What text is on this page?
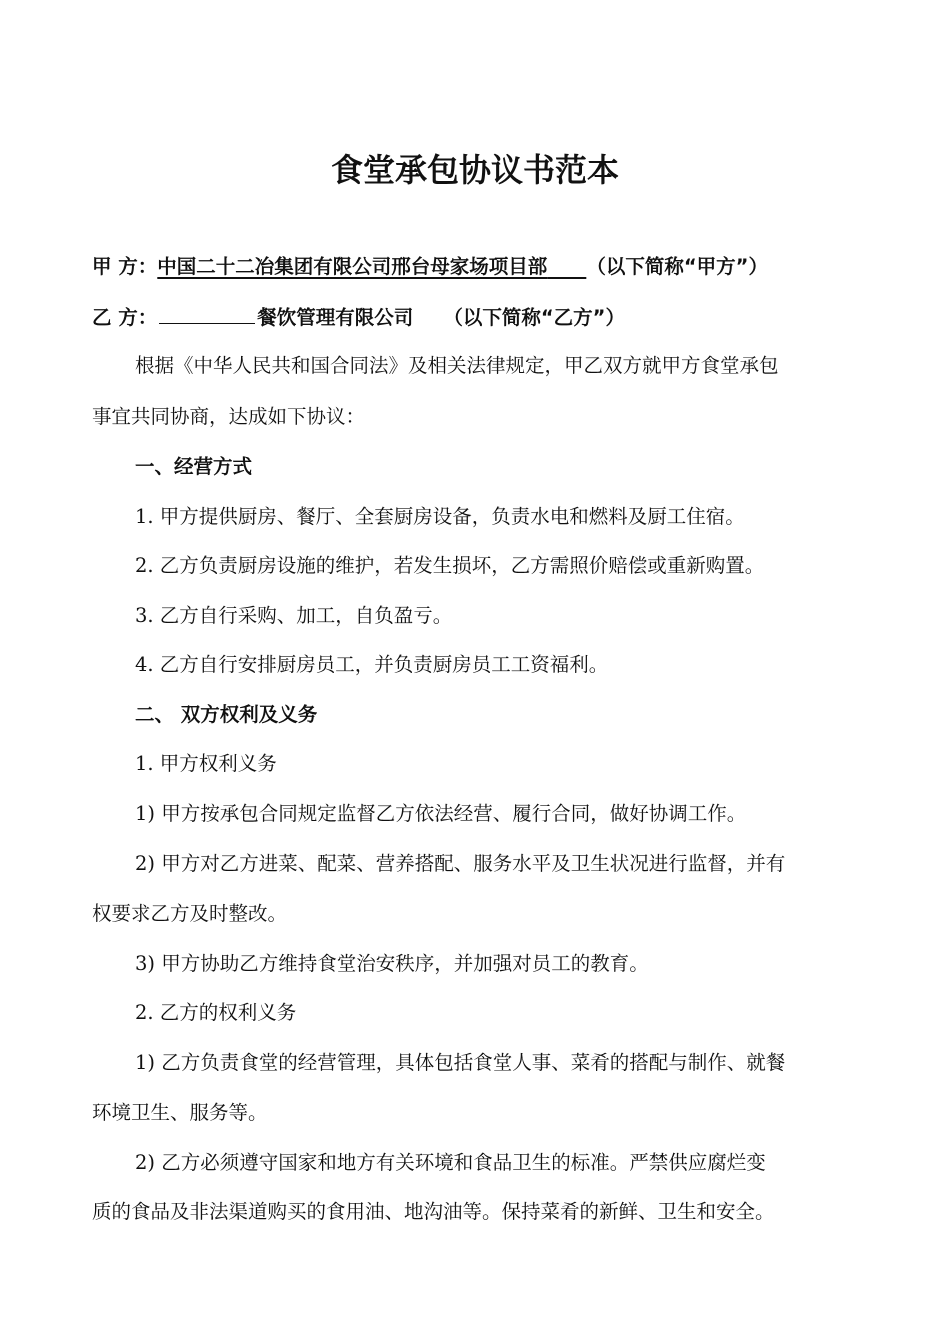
食堂承包协议书范本
甲 方：中国二十二冶集团有限公司邢台母家场项目部   （以下简称“甲方”）
乙 方：	餐饮管理有限公司 （以下简称“乙方”）
根据《中华人民共和国合同法》及相关法律规定，甲乙双方就甲方食堂承包
事宜共同协商，达成如下协议：
一、经营方式
1. 甲方提供厨房、餐厅、全套厨房设备，负责水电和燃料及厨工住宿。
2. 乙方负责厨房设施的维护，若发生损坏，乙方需照价赔偿或重新购置。
3. 乙方自行采购、加工，自负盈亏。
4. 乙方自行安排厨房员工，并负责厨房员工工资福利。
二、 双方权利及义务
1. 甲方权利义务
1) 甲方按承包合同规定监督乙方依法经营、履行合同，做好协调工作。
2) 甲方对乙方进菜、配菜、营养搭配、服务水平及卫生状况进行监督，并有
权要求乙方及时整改。
3) 甲方协助乙方维持食堂治安秩序，并加强对员工的教育。
2. 乙方的权利义务
1) 乙方负责食堂的经营管理，具体包括食堂人事、菜肴的搭配与制作、就餐
环境卫生、服务等。
2) 乙方必须遵守国家和地方有关环境和食品卫生的标准。严禁供应腐烂变
质的食品及非法渠道购买的食用油、地沟油等。保持菜肴的新鲜、卫生和安全。
